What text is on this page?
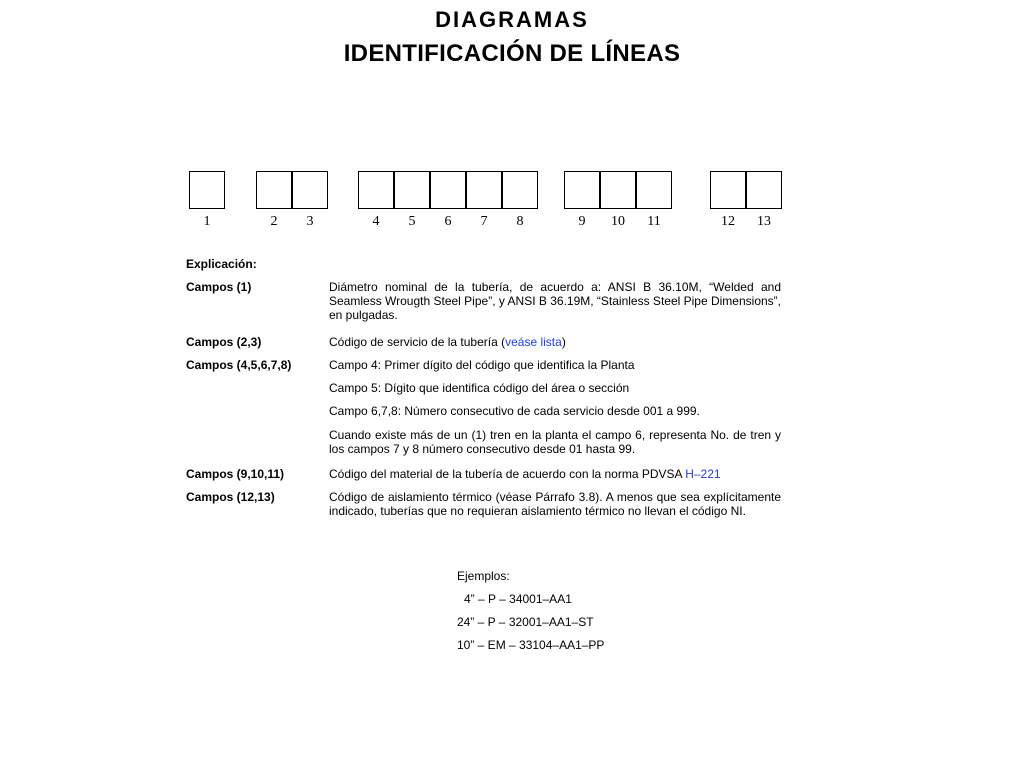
DIAGRAMAS
IDENTIFICACIÓN DE LÍNEAS
1	2	3	4	5	6	7	8	9	10	11	12	13
Explicación:
Campos (1)	Diámetro nominal de la tubería, de acuerdo a: ANSI B 36.10M, “Welded and Seamless Wrougth Steel Pipe”, y ANSI B 36.19M, “Stainless Steel Pipe Dimensions”, en pulgadas.
Campos (2,3)	Código de servicio de la tubería (veáse lista)
Campos (4,5,6,7,8)	Campo 4: Primer dígito del código que identifica la Planta
Campo 5: Dígito que identifica código del área o sección
Campo 6,7,8: Número consecutivo de cada servicio desde 001 a 999.
Cuando existe más de un (1) tren en la planta el campo 6, representa No. de tren y los campos 7 y 8 número consecutivo desde 01 hasta 99.
Campos (9,10,11)	Código del material de la tubería de acuerdo con la norma PDVSA H–221
Campos (12,13)	Código de aislamiento térmico (véase Párrafo 3.8). A menos que sea explícitamente indicado, tuberías que no requieran aislamiento térmico no llevan el código NI.
Ejemplos:
4” – P – 34001–AA1
24” – P – 32001–AA1–ST
10” – EM – 33104–AA1–PP
